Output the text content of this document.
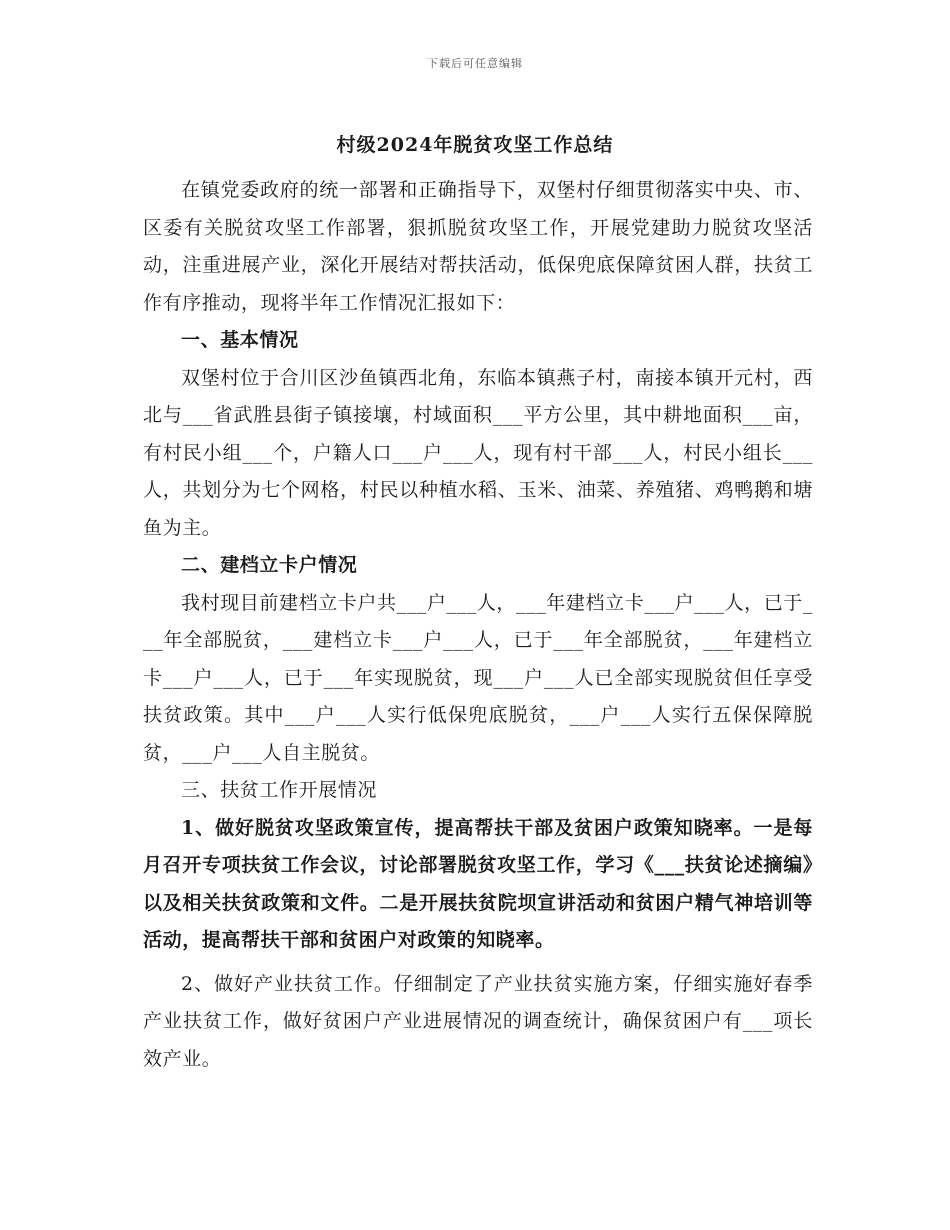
下载后可任意编辑
村级2024年脱贫攻坚工作总结

在镇党委政府的统一部署和正确指导下，双堡村仔细贯彻落实中央、市、区委有关脱贫攻坚工作部署，狠抓脱贫攻坚工作，开展党建助力脱贫攻坚活动，注重进展产业，深化开展结对帮扶活动，低保兜底保障贫困人群，扶贫工作有序推动，现将半年工作情况汇报如下：

一、基本情况

双堡村位于合川区沙鱼镇西北角，东临本镇燕子村，南接本镇开元村，西北与___省武胜县街子镇接壤，村域面积___平方公里，其中耕地面积___亩，有村民小组___个，户籍人口___户___人，现有村干部___人，村民小组长___人，共划分为七个网格，村民以种植水稻、玉米、油菜、养殖猪、鸡鸭鹅和塘鱼为主。

二、建档立卡户情况

我村现目前建档立卡户共___户___人，___年建档立卡___户___人，已于___年全部脱贫，___建档立卡___户___人，已于___年全部脱贫，___年建档立卡___户___人，已于___年实现脱贫，现___户___人已全部实现脱贫但任享受扶贫政策。其中___户___人实行低保兜底脱贫，___户___人实行五保保障脱贫，___户___人自主脱贫。

三、扶贫工作开展情况

1、做好脱贫攻坚政策宣传，提高帮扶干部及贫困户政策知晓率。一是每月召开专项扶贫工作会议，讨论部署脱贫攻坚工作，学习《___扶贫论述摘编》以及相关扶贫政策和文件。二是开展扶贫院坝宣讲活动和贫困户精气神培训等活动，提高帮扶干部和贫困户对政策的知晓率。

2、做好产业扶贫工作。仔细制定了产业扶贫实施方案，仔细实施好春季产业扶贫工作，做好贫困户产业进展情况的调查统计，确保贫困户有___项长效产业。
